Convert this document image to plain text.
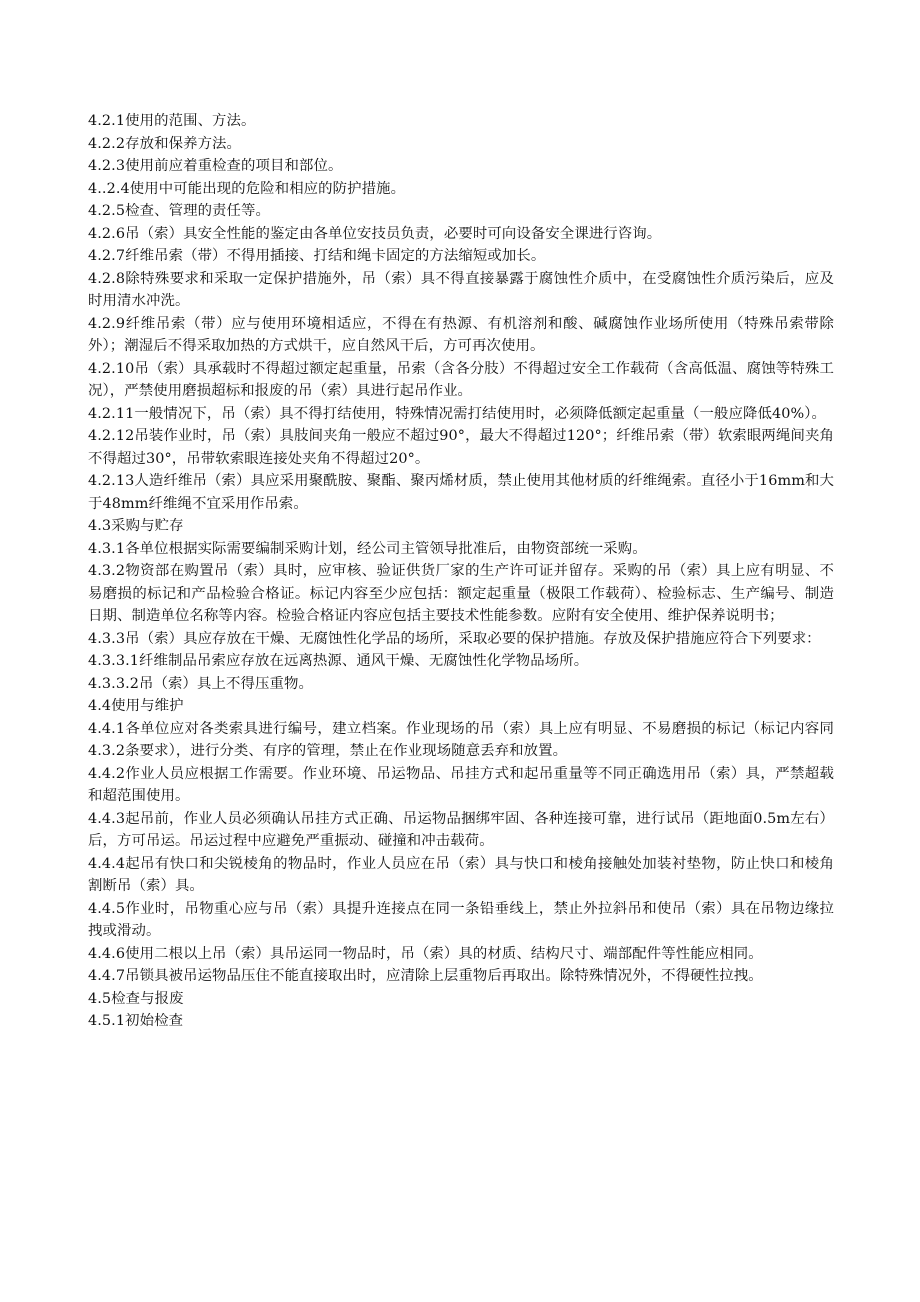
4.2.1使用的范围、方法。

4.2.2存放和保养方法。

4.2.3使用前应着重检查的项目和部位。

4..2.4使用中可能出现的危险和相应的防护措施。

4.2.5检查、管理的责任等。

4.2.6吊（索）具安全性能的鉴定由各单位安技员负责，必要时可向设备安全课进行咨询。

4.2.7纤维吊索（带）不得用插接、打结和绳卡固定的方法缩短或加长。

4.2.8除特殊要求和采取一定保护措施外，吊（索）具不得直接暴露于腐蚀性介质中，在受腐蚀性介质污染后，应及时用清水冲洗。

4.2.9纤维吊索（带）应与使用环境相适应，不得在有热源、有机溶剂和酸、碱腐蚀作业场所使用（特殊吊索带除外）；潮湿后不得采取加热的方式烘干，应自然风干后，方可再次使用。

4.2.10吊（索）具承载时不得超过额定起重量，吊索（含各分肢）不得超过安全工作载荷（含高低温、腐蚀等特殊工况），严禁使用磨损超标和报废的吊（索）具进行起吊作业。

4.2.11一般情况下，吊（索）具不得打结使用，特殊情况需打结使用时，必须降低额定起重量（一般应降低40%）。

4.2.12吊装作业时，吊（索）具肢间夹角一般应不超过90°，最大不得超过120°；纤维吊索（带）软索眼两绳间夹角不得超过30°，吊带软索眼连接处夹角不得超过20°。

4.2.13人造纤维吊（索）具应采用聚酰胺、聚酯、聚丙烯材质，禁止使用其他材质的纤维绳索。直径小于16mm和大于48mm纤维绳不宜采用作吊索。

4.3采购与贮存

4.3.1各单位根据实际需要编制采购计划，经公司主管领导批准后，由物资部统一采购。

4.3.2物资部在购置吊（索）具时，应审核、验证供货厂家的生产许可证并留存。采购的吊（索）具上应有明显、不易磨损的标记和产品检验合格证。标记内容至少应包括：额定起重量（极限工作载荷）、检验标志、生产编号、制造日期、制造单位名称等内容。检验合格证内容应包括主要技术性能参数。应附有安全使用、维护保养说明书；

4.3.3吊（索）具应存放在干燥、无腐蚀性化学品的场所，采取必要的保护措施。存放及保护措施应符合下列要求：

4.3.3.1纤维制品吊索应存放在远离热源、通风干燥、无腐蚀性化学物品场所。

4.3.3.2吊（索）具上不得压重物。

4.4使用与维护

4.4.1各单位应对各类索具进行编号，建立档案。作业现场的吊（索）具上应有明显、不易磨损的标记（标记内容同4.3.2条要求），进行分类、有序的管理，禁止在作业现场随意丢弃和放置。

4.4.2作业人员应根据工作需要。作业环境、吊运物品、吊挂方式和起吊重量等不同正确选用吊（索）具，严禁超载和超范围使用。

4.4.3起吊前，作业人员必须确认吊挂方式正确、吊运物品捆绑牢固、各种连接可靠，进行试吊（距地面0.5m左右）后，方可吊运。吊运过程中应避免严重振动、碰撞和冲击载荷。

4.4.4起吊有快口和尖锐棱角的物品时，作业人员应在吊（索）具与快口和棱角接触处加装衬垫物，防止快口和棱角割断吊（索）具。

4.4.5作业时，吊物重心应与吊（索）具提升连接点在同一条铅垂线上，禁止外拉斜吊和使吊（索）具在吊物边缘拉拽或滑动。

4.4.6使用二根以上吊（索）具吊运同一物品时，吊（索）具的材质、结构尺寸、端部配件等性能应相同。

4.4.7吊锁具被吊运物品压住不能直接取出时，应清除上层重物后再取出。除特殊情况外，不得硬性拉拽。

4.5检查与报废

4.5.1初始检查
